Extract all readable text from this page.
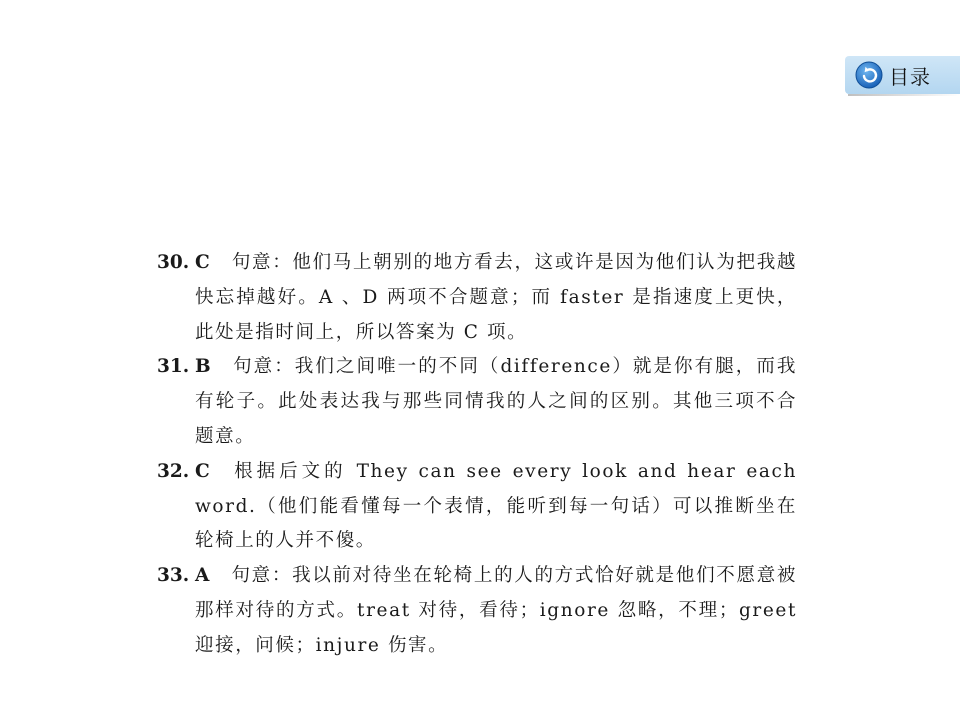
目录
30. C 句意：他们马上朝别的地方看去，这或许是因为他们认为把我越快忘掉越好。A 、D 两项不合题意；而 faster 是指速度上更快，此处是指时间上，所以答案为 C 项。
31. B 句意：我们之间唯一的不同（difference）就是你有腿，而我有轮子。此处表达我与那些同情我的人之间的区别。其他三项不合题意。
32. C 根据后文的 They can see every look and hear each word.（他们能看懂每一个表情，能听到每一句话）可以推断坐在轮椅上的人并不傻。
33. A 句意：我以前对待坐在轮椅上的人的方式恰好就是他们不愿意被那样对待的方式。treat 对待，看待；ignore 忽略，不理；greet 迎接，问候；injure 伤害。
